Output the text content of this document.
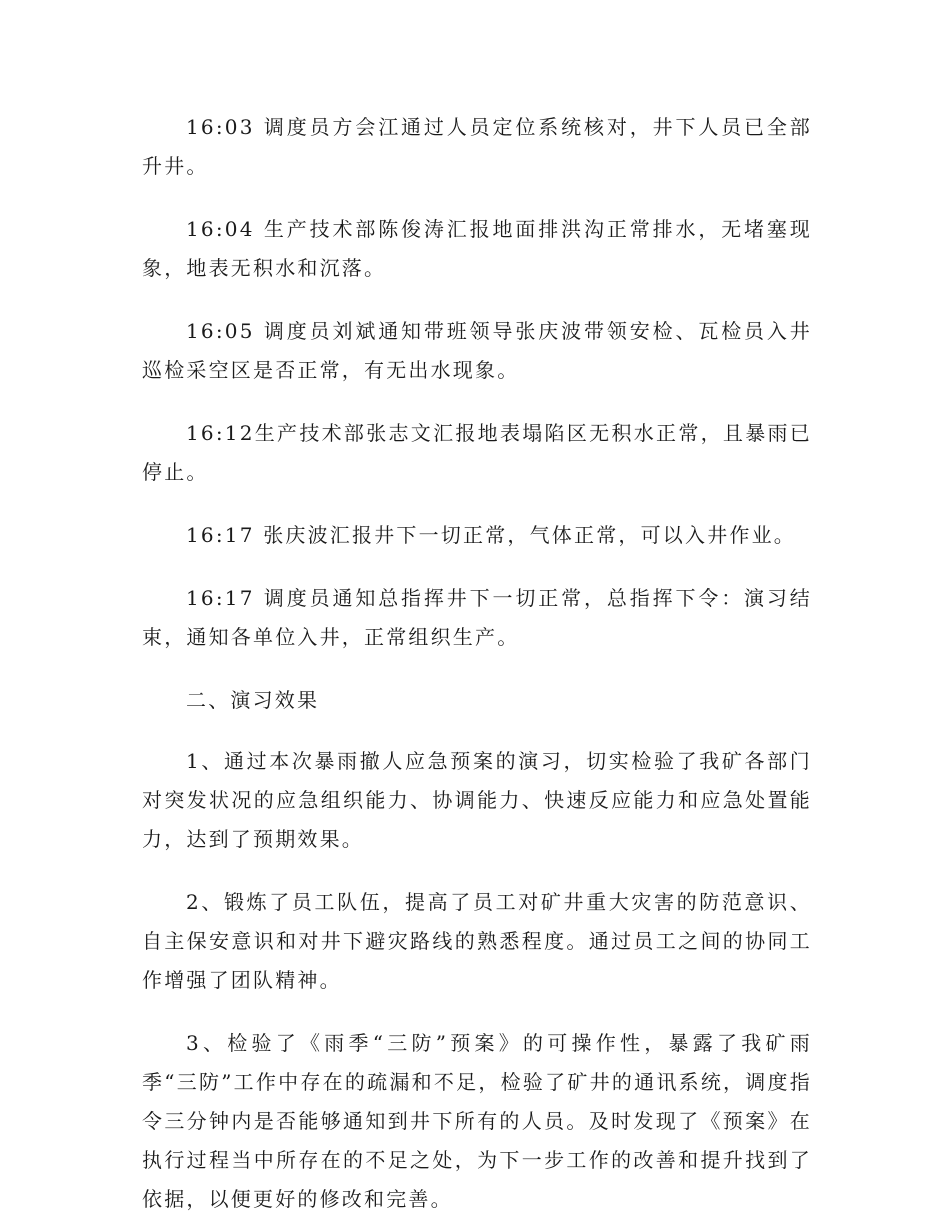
16:03 调度员方会江通过人员定位系统核对，井下人员已全部升井。

16:04 生产技术部陈俊涛汇报地面排洪沟正常排水，无堵塞现象，地表无积水和沉落。

16:05 调度员刘斌通知带班领导张庆波带领安检、瓦检员入井巡检采空区是否正常，有无出水现象。

16:12生产技术部张志文汇报地表塌陷区无积水正常，且暴雨已停止。

16:17 张庆波汇报井下一切正常，气体正常，可以入井作业。

16:17 调度员通知总指挥井下一切正常，总指挥下令：演习结束，通知各单位入井，正常组织生产。

二、演习效果

1、通过本次暴雨撤人应急预案的演习，切实检验了我矿各部门对突发状况的应急组织能力、协调能力、快速反应能力和应急处置能力，达到了预期效果。

2、锻炼了员工队伍，提高了员工对矿井重大灾害的防范意识、自主保安意识和对井下避灾路线的熟悉程度。通过员工之间的协同工作增强了团队精神。

3、检验了《雨季“三防”预案》的可操作性，暴露了我矿雨季“三防”工作中存在的疏漏和不足，检验了矿井的通讯系统，调度指令三分钟内是否能够通知到井下所有的人员。及时发现了《预案》在执行过程当中所存在的不足之处，为下一步工作的改善和提升找到了依据，以便更好的修改和完善。
